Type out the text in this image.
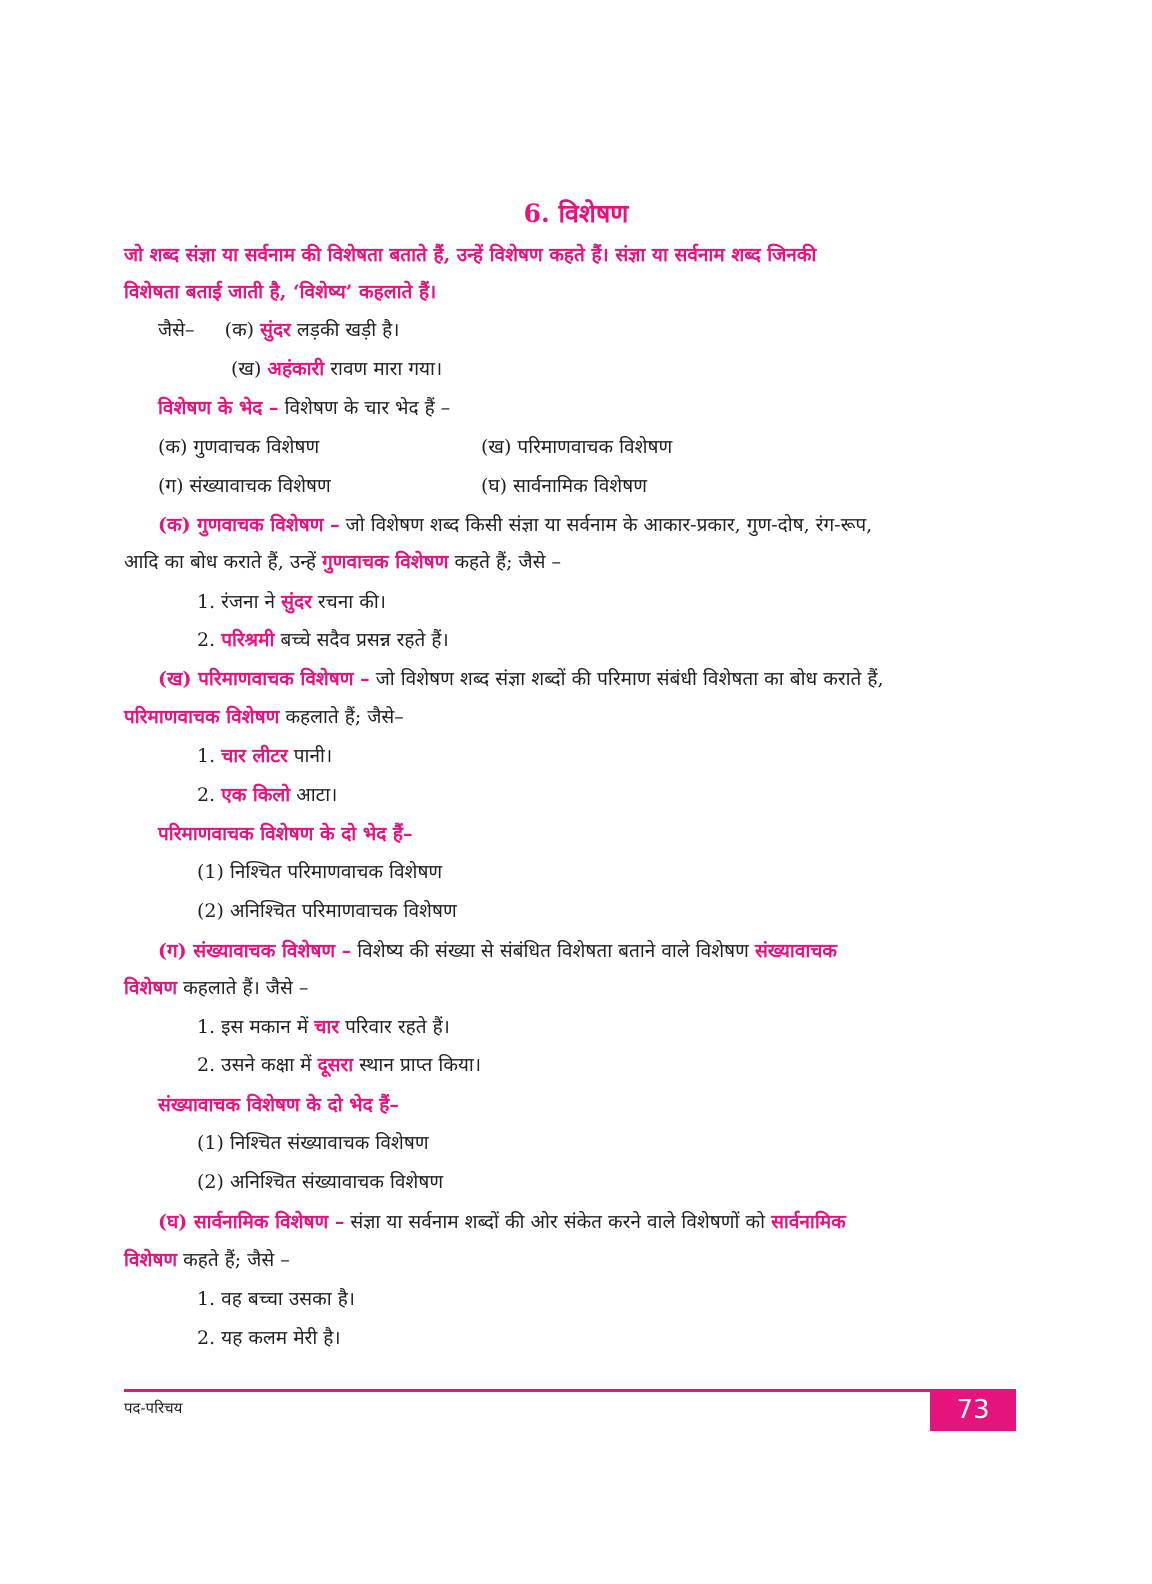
6. विशेषण
जो शब्द संज्ञा या सर्वनाम की विशेषता बताते हैं, उन्हें विशेषण कहते हैं। संज्ञा या सर्वनाम शब्द जिनकी
विशेषता बताई जाती है, ‘विशेष्य’ कहलाते हैं।
जैसे– (क) सुंदर लड़की खड़ी है।
(ख) अहंकारी रावण मारा गया।
विशेषण के भेद – विशेषण के चार भेद हैं –
(क) गुणवाचक विशेषण	(ख) परिमाणवाचक विशेषण
(ग) संख्यावाचक विशेषण	(घ) सार्वनामिक विशेषण
(क) गुणवाचक विशेषण – जो विशेषण शब्द किसी संज्ञा या सर्वनाम के आकार-प्रकार, गुण-दोष, रंग-रूप,
आदि का बोध कराते हैं, उन्हें गुणवाचक विशेषण कहते हैं; जैसे –
1. रंजना ने सुंदर रचना की।
2. परिश्रमी बच्चे सदैव प्रसन्न रहते हैं।
(ख) परिमाणवाचक विशेषण – जो विशेषण शब्द संज्ञा शब्दों की परिमाण संबंधी विशेषता का बोध कराते हैं,
परिमाणवाचक विशेषण कहलाते हैं; जैसे–
1. चार लीटर पानी।
2. एक किलो आटा।
परिमाणवाचक विशेषण के दो भेद हैं–
(1) निश्चित परिमाणवाचक विशेषण
(2) अनिश्चित परिमाणवाचक विशेषण
(ग) संख्यावाचक विशेषण – विशेष्य की संख्या से संबंधित विशेषता बताने वाले विशेषण संख्यावाचक
विशेषण कहलाते हैं। जैसे –
1. इस मकान में चार परिवार रहते हैं।
2. उसने कक्षा में दूसरा स्थान प्राप्त किया।
संख्यावाचक विशेषण के दो भेद हैं–
(1) निश्चित संख्यावाचक विशेषण
(2) अनिश्चित संख्यावाचक विशेषण
(घ) सार्वनामिक विशेषण – संज्ञा या सर्वनाम शब्दों की ओर संकेत करने वाले विशेषणों को सार्वनामिक
विशेषण कहते हैं; जैसे –
1. वह बच्चा उसका है।
2. यह कलम मेरी है।
पद-परिचय	73
